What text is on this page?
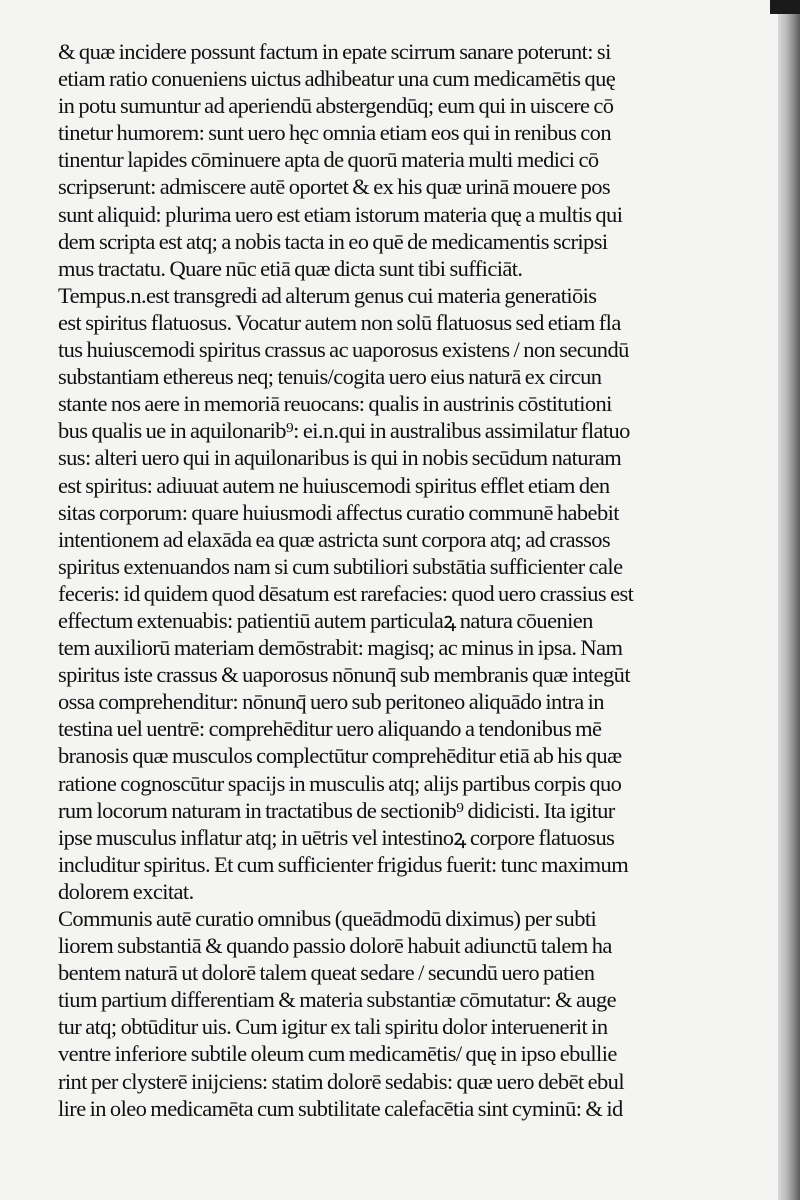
& quæ incidere possunt factum in epate scirrum sanare poterunt: si
etiam ratio conueniens uictus adhibeatur una cum medicamētis quę
in potu sumuntur ad aperiendū abstergendūq; eum qui in uiscere cō
tinetur humorem: sunt uero hęc omnia etiam eos qui in renibus con
tinentur lapides cōminuere apta de quorū materia multi medici cō
scripserunt: admiscere autē oportet & ex his quæ urinā mouere pos
sunt aliquid: plurima uero est etiam istorum materia quę a multis qui
dem scripta est atq; a nobis tacta in eo quē de medicamentis scripsi
mus tractatu. Quare nūc etiā quæ dicta sunt tibi sufficiāt.
Tempus.n.est transgredi ad alterum genus cui materia generatiōis
est spiritus flatuosus. Vocatur autem non solū flatuosus sed etiam fla
tus huiuscemodi spiritus crassus ac uaporosus existens / non secundū
substantiam ethereus neq; tenuis/cogita uero eius naturā ex circun
stante nos aere in memoriā reuocans: qualis in austrinis cōstitutioni
bus qualis ue in aquilonarib⁹: ei.n.qui in australibus assimilatur flatuo
sus: alteri uero qui in aquilonaribus is qui in nobis secūdum naturam
est spiritus: adiuuat autem ne huiuscemodi spiritus efflet etiam den
sitas corporum: quare huiusmodi affectus curatio communē habebit
intentionem ad elaxāda ea quæ astricta sunt corpora atq; ad crassos
spiritus extenuandos nam si cum subtiliori substātia sufficienter cale
feceris: id quidem quod dēsatum est rarefacies: quod uero crassius est
effectum extenuabis: patientiū autem particulaꝝ natura cōuenien
tem auxiliorū materiam demōstrabit: magisq; ac minus in ipsa. Nam
spiritus iste crassus & uaporosus nōnunq̄ sub membranis quæ integūt
ossa comprehenditur: nōnunq̄ uero sub peritoneo aliquādo intra in
testina uel uentrē: comprehēditur uero aliquando a tendonibus mē
branosis quæ musculos complectūtur comprehēditur etiā ab his quæ
ratione cognoscūtur spacijs in musculis atq; alijs partibus corpis quo
rum locorum naturam in tractatibus de sectionib⁹ didicisti. Ita igitur
ipse musculus inflatur atq; in uētris vel intestinoꝝ corpore flatuosus
includitur spiritus. Et cum sufficienter frigidus fuerit: tunc maximum
dolorem excitat.
Communis autē curatio omnibus (queādmodū diximus) per subti
liorem substantiā & quando passio dolorē habuit adiunctū talem ha
bentem naturā ut dolorē talem queat sedare / secundū uero patien
tium partium differentiam & materia substantiæ cōmutatur: & auge
tur atq; obtūditur uis. Cum igitur ex tali spiritu dolor interuenerit in
ventre inferiore subtile oleum cum medicamētis/ quę in ipso ebullie
rint per clysterē inijciens: statim dolorē sedabis: quæ uero debēt ebul
lire in oleo medicamēta cum subtilitate calefacētia sint cyminū: & id
